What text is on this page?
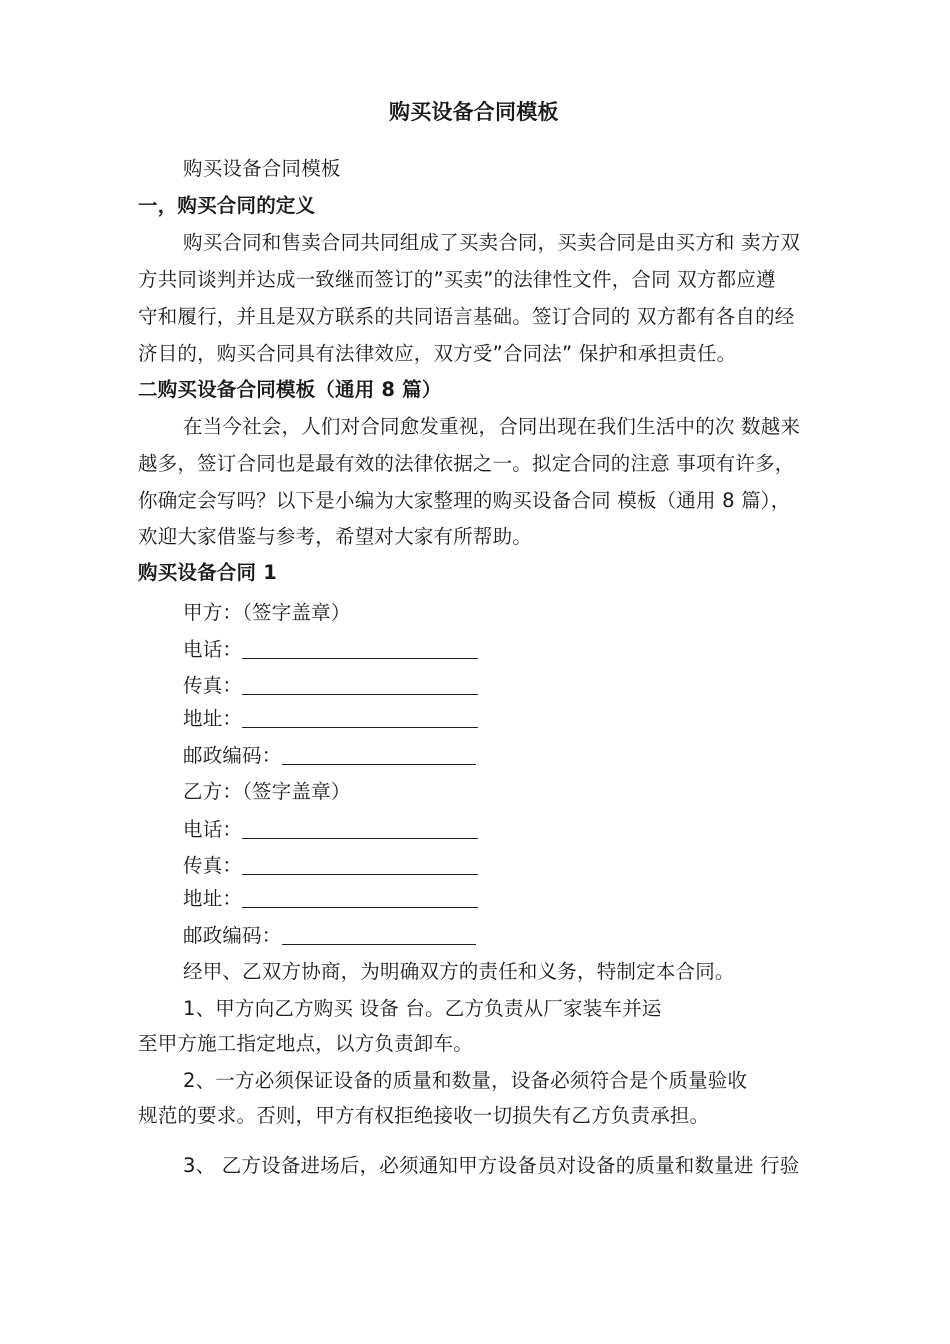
购买设备合同模板
购买设备合同模板
一，购买合同的定义
购买合同和售卖合同共同组成了买卖合同，买卖合同是由买方和 卖方双
方共同谈判并达成一致继而签订的”买卖”的法律性文件，合同 双方都应遵
守和履行，并且是双方联系的共同语言基础。签订合同的 双方都有各自的经
济目的，购买合同具有法律效应，双方受”合同法” 保护和承担责任。
二购买设备合同模板（通用 8 篇）
在当今社会，人们对合同愈发重视，合同出现在我们生活中的次 数越来
越多，签订合同也是最有效的法律依据之一。拟定合同的注意 事项有许多，
你确定会写吗？以下是小编为大家整理的购买设备合同 模板（通用 8 篇），
欢迎大家借鉴与参考，希望对大家有所帮助。
购买设备合同 1
甲方：（签字盖章）
电话：
传真：
地址：
邮政编码：
乙方：（签字盖章）
电话：
传真：
地址：
邮政编码：
经甲、乙双方协商，为明确双方的责任和义务，特制定本合同。
1、甲方向乙方购买 设备 台。乙方负责从厂家装车并运
至甲方施工指定地点，以方负责卸车。
2、一方必须保证设备的质量和数量，设备必须符合是个质量验收
规范的要求。否则，甲方有权拒绝接收一切损失有乙方负责承担。
3、 乙方设备进场后，必须通知甲方设备员对设备的质量和数量进 行验
